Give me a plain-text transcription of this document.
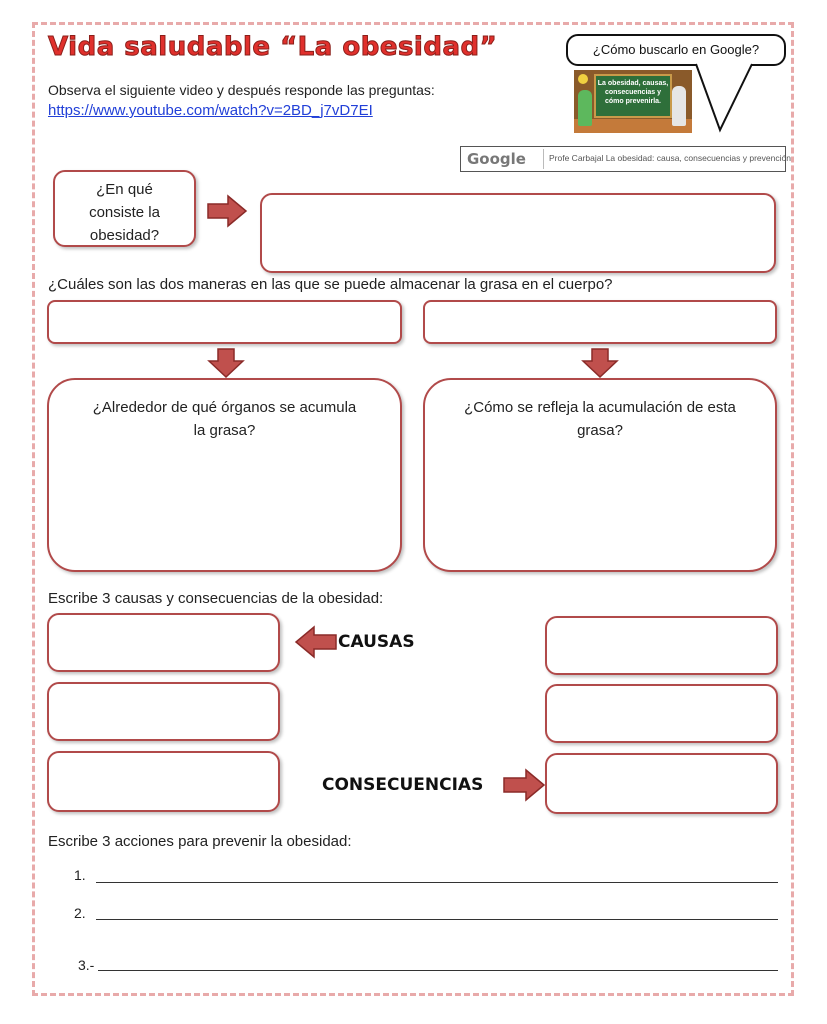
Vida saludable “La obesidad”
Observa el siguiente video y después responde las preguntas:
https://www.youtube.com/watch?v=2BD_j7vD7EI
¿Cómo buscarlo en Google?
La obesidad, causas, consecuencias y cómo prevenirla.
Google	Profe Carbajal La obesidad: causa, consecuencias y prevención
¿En qué consiste la obesidad?
¿Cuáles son las dos maneras en las que se puede almacenar la grasa en el cuerpo?
¿Alrededor de qué órganos se acumula la grasa?
¿Cómo se refleja la acumulación de esta grasa?
Escribe 3 causas y consecuencias de la obesidad:
CAUSAS
CONSECUENCIAS
Escribe 3 acciones para prevenir la obesidad:
1.
2.
3.-
